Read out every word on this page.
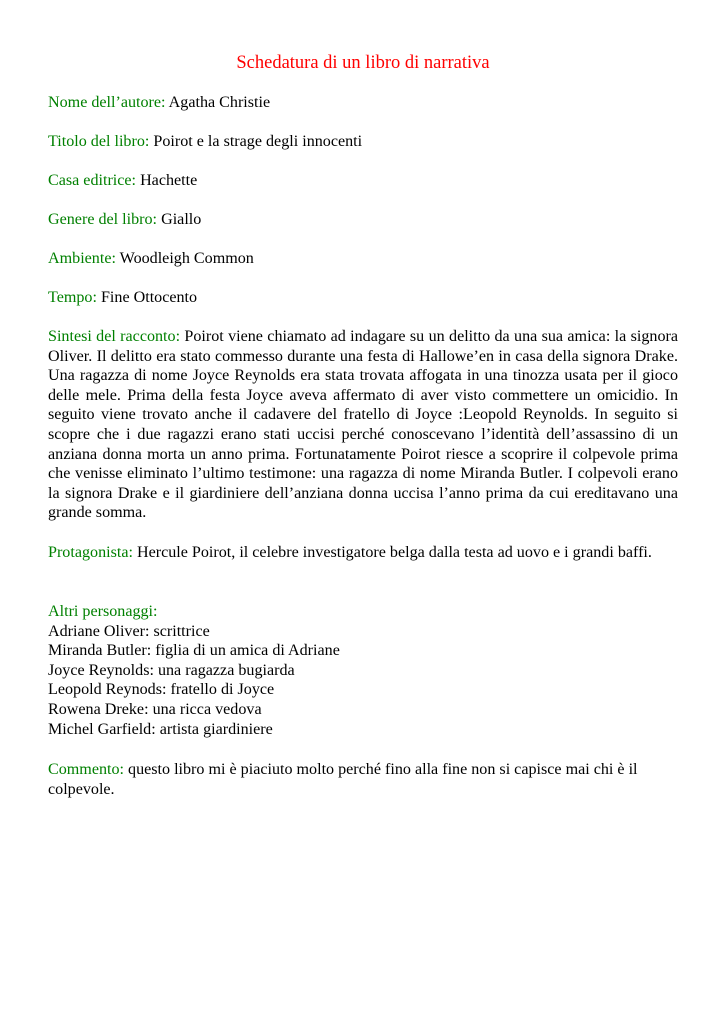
Schedatura di un libro di narrativa

Nome dell’autore: Agatha Christie

Titolo del libro: Poirot e la strage degli innocenti

Casa editrice: Hachette

Genere del libro: Giallo

Ambiente: Woodleigh Common

Tempo: Fine Ottocento

Sintesi del racconto: Poirot viene chiamato ad indagare su un delitto da una sua amica: la signora Oliver. Il delitto era stato commesso durante una festa di Hallowe’en in casa della signora Drake. Una ragazza di nome Joyce Reynolds era stata trovata affogata in una tinozza usata per il gioco delle mele. Prima della festa Joyce aveva affermato di aver visto commettere un omicidio. In seguito viene trovato anche il cadavere del fratello di Joyce :Leopold Reynolds. In seguito si scopre che i due ragazzi erano stati uccisi perché conoscevano l’identità dell’assassino di un anziana donna morta un anno prima. Fortunatamente Poirot riesce a scoprire il colpevole prima che venisse eliminato l’ultimo testimone: una ragazza di nome Miranda Butler. I colpevoli erano la signora Drake e il giardiniere dell’anziana donna uccisa l’anno prima da cui ereditavano una grande somma.

Protagonista: Hercule Poirot, il celebre investigatore belga dalla testa ad uovo e i grandi baffi.

Altri personaggi:
Adriane Oliver: scrittrice
Miranda Butler: figlia di un amica di Adriane
Joyce Reynolds: una ragazza bugiarda
Leopold Reynods: fratello di Joyce
Rowena Dreke: una ricca vedova
Michel Garfield: artista giardiniere

Commento: questo libro mi è piaciuto molto perché fino alla fine non si capisce mai chi è il colpevole.
